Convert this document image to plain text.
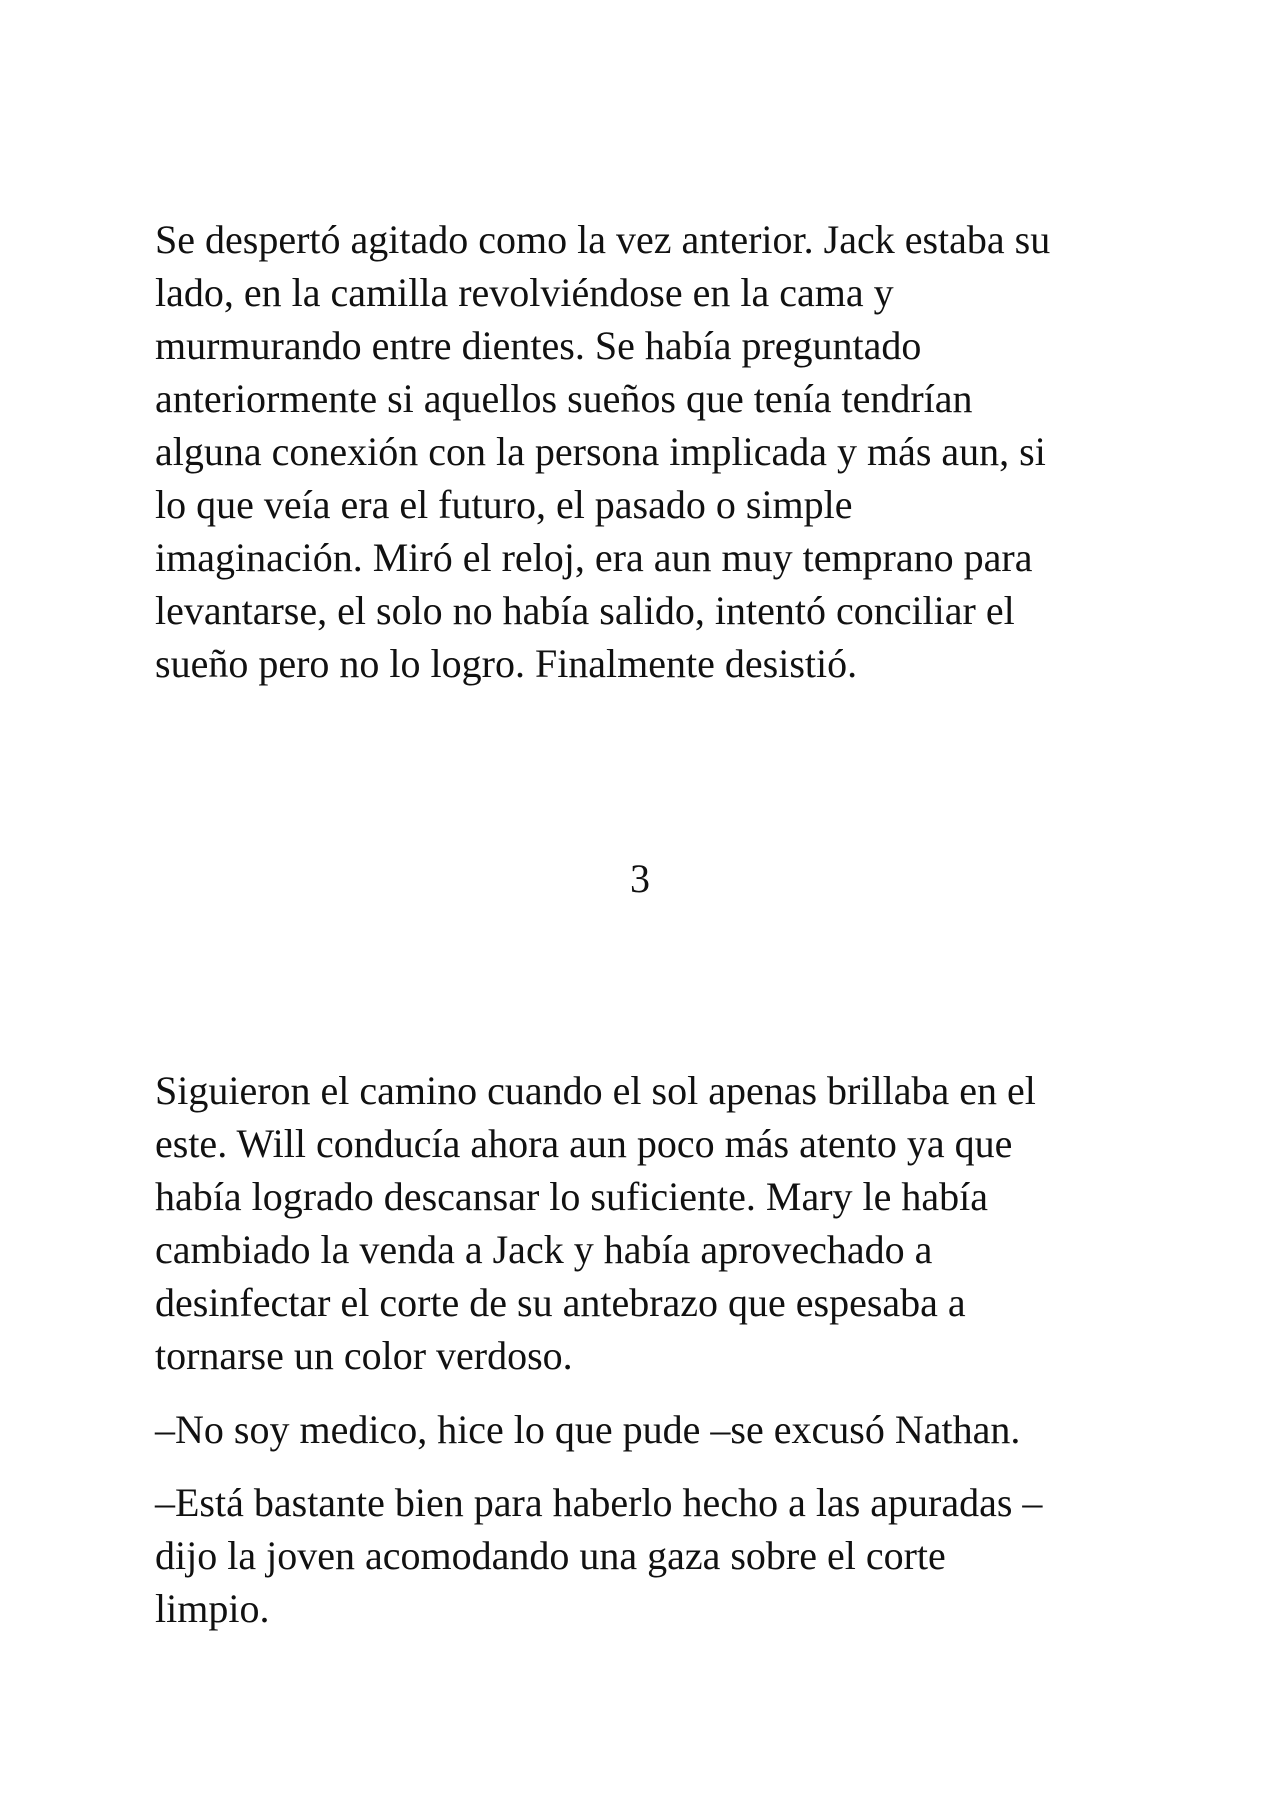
Se despertó agitado como la vez anterior. Jack estaba su
lado, en la camilla revolviéndose en la cama y
murmurando entre dientes. Se había preguntado
anteriormente si aquellos sueños que tenía tendrían
alguna conexión con la persona implicada y más aun, si
lo que veía era el futuro, el pasado o simple
imaginación. Miró el reloj, era aun muy temprano para
levantarse, el solo no había salido, intentó conciliar el
sueño pero no lo logro. Finalmente desistió.

3

Siguieron el camino cuando el sol apenas brillaba en el
este. Will conducía ahora aun poco más atento ya que
había logrado descansar lo suficiente. Mary le había
cambiado la venda a Jack y había aprovechado a
desinfectar el corte de su antebrazo que espesaba a
tornarse un color verdoso.

–No soy medico, hice lo que pude –se excusó Nathan.

–Está bastante bien para haberlo hecho a las apuradas –
dijo la joven acomodando una gaza sobre el corte
limpio.
